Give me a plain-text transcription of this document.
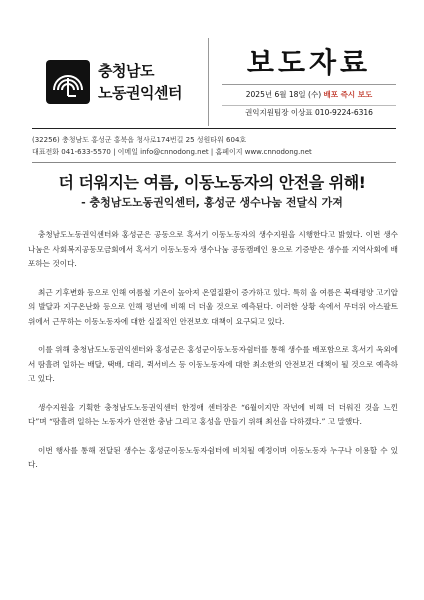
충청남도
노동권익센터
보도자료
2025년 6월 18일 (수) 배포 즉시 보도
권익지원팀장 이상표 010-9224-6316
(32256) 충청남도 홍성군 홍북읍 청사로174번길 25 성원타워 604호
대표전화 041-633-5570 | 이메일 info@cnnodong.net | 홈페이지 www.cnnodong.net
더 더워지는 여름, 이동노동자의 안전을 위해!
- 충청남도노동권익센터, 홍성군 생수나눔 전달식 가져

충청남도노동권익센터와 홍성군은 공동으로 혹서기 이동노동자의 생수지원을 시행한다고 밝혔다. 이번 생수나눔은 사회복지공동모금회에서 혹서기 이동노동자 생수나눔 공동캠페인 용으로 기증받은 생수를 지역사회에 배포하는 것이다.

최근 기후변화 등으로 인해 여름철 기온이 높아져 온열질환이 증가하고 있다. 특히 올 여름은 북태평양 고기압의 발달과 지구온난화 등으로 인해 평년에 비해 더 더울 것으로 예측된다. 이러한 상황 속에서 무더위 아스팔트 위에서 근무하는 이동노동자에 대한 실질적인 안전보호 대책이 요구되고 있다.

이를 위해 충청남도노동권익센터와 홍성군은 홍성군이동노동자쉼터를 통해 생수를 배포함으로 혹서기 옥외에서 땀흘려 일하는 배달, 택배, 대리, 퀵서비스 등 이동노동자에 대한 최소한의 안전보건 대책이 될 것으로 예측하고 있다.

생수지원을 기획한 충청남도노동권익센터 한정애 센터장은 “6월이지만 작년에 비해 더 더워진 것을 느낀다”며 “땀흘려 일하는 노동자가 안전한 충남 그리고 홍성을 만들기 위해 최선을 다하겠다.” 고 말했다.

이번 행사를 통해 전달된 생수는 홍성군이동노동자쉼터에 비치될 예정이며 이동노동자 누구나 이용할 수 있다.
